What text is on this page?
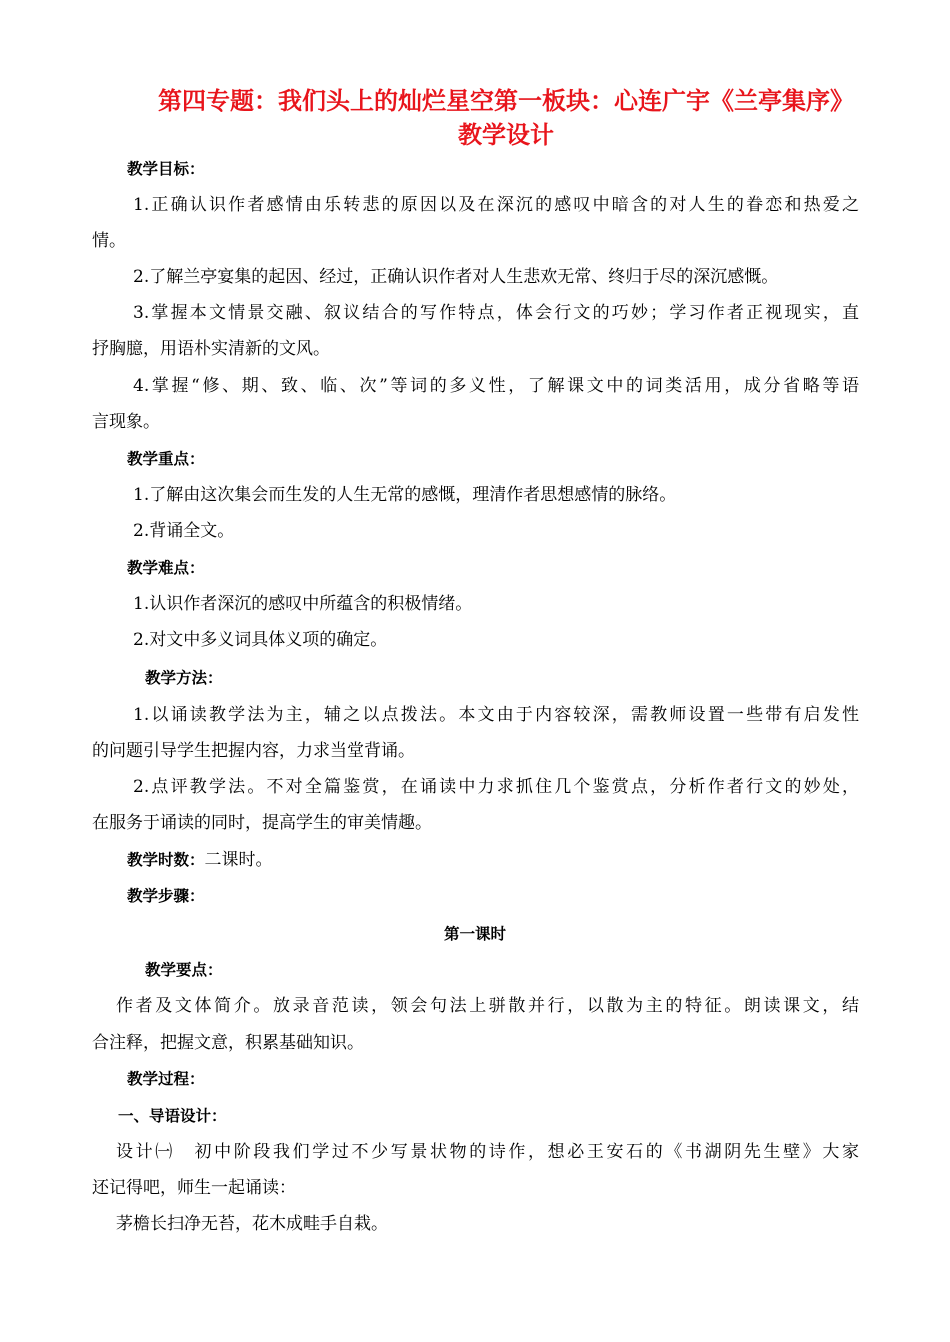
第四专题：我们头上的灿烂星空第一板块：心连广宇《兰亭集序》教学设计
教学目标：
1.正确认识作者感情由乐转悲的原因以及在深沉的感叹中暗含的对人生的眷恋和热爱之
情。
2.了解兰亭宴集的起因、经过，正确认识作者对人生悲欢无常、终归于尽的深沉感慨。
3.掌握本文情景交融、叙议结合的写作特点，体会行文的巧妙；学习作者正视现实，直
抒胸臆，用语朴实清新的文风。
4.掌握“修、期、致、临、次”等词的多义性，了解课文中的词类活用，成分省略等语
言现象。
教学重点：
1.了解由这次集会而生发的人生无常的感慨，理清作者思想感情的脉络。
2.背诵全文。
教学难点：
1.认识作者深沉的感叹中所蕴含的积极情绪。
2.对文中多义词具体义项的确定。
教学方法：
1.以诵读教学法为主，辅之以点拨法。本文由于内容较深，需教师设置一些带有启发性
的问题引导学生把握内容，力求当堂背诵。
2.点评教学法。不对全篇鉴赏，在诵读中力求抓住几个鉴赏点，分析作者行文的妙处，
在服务于诵读的同时，提高学生的审美情趣。
教学时数：二课时。
教学步骤：
第一课时
教学要点：
作者及文体简介。放录音范读，领会句法上骈散并行，以散为主的特征。朗读课文，结
合注释，把握文意，积累基础知识。
教学过程：
一、导语设计：
设计㈠　初中阶段我们学过不少写景状物的诗作，想必王安石的《书湖阴先生壁》大家
还记得吧，师生一起诵读：
茅檐长扫净无苔，花木成畦手自栽。
